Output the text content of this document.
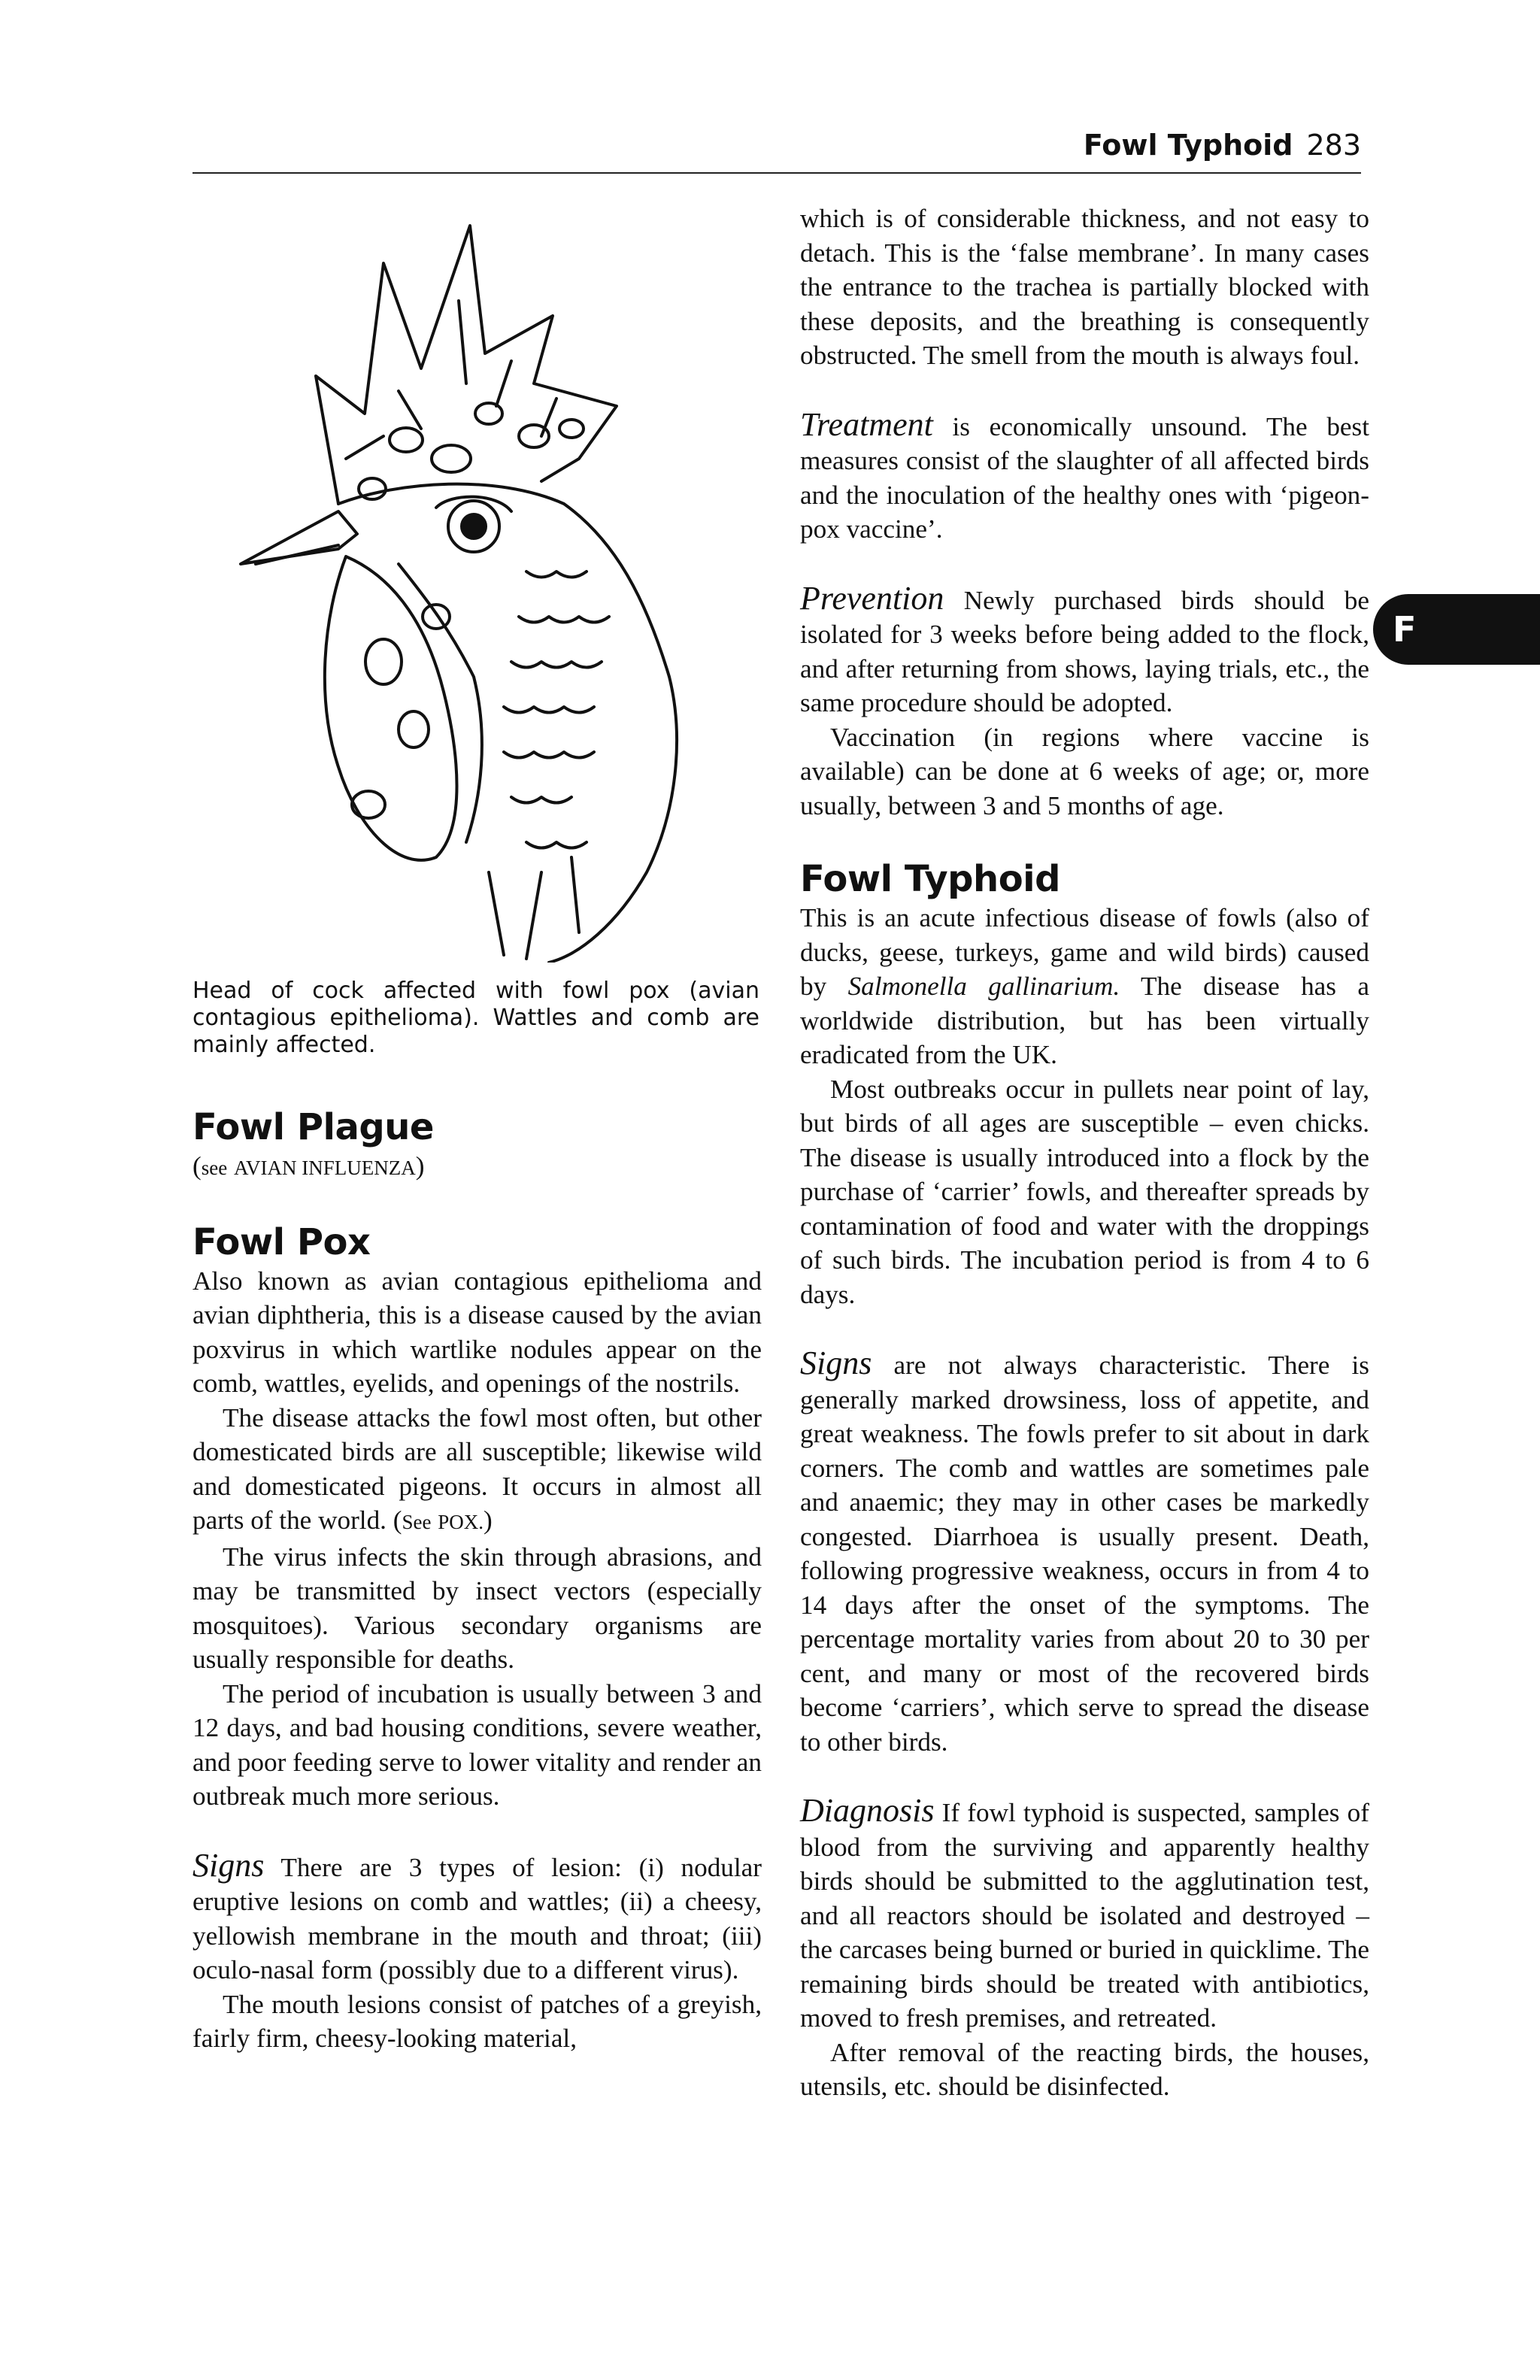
Fowl Typhoid 283
F

Head of cock affected with fowl pox (avian contagious epithelioma). Wattles and comb are mainly affected.

Fowl Plague

(see AVIAN INFLUENZA)

Fowl Pox

Also known as avian contagious epithelioma and avian diphtheria, this is a disease caused by the avian poxvirus in which wartlike nodules appear on the comb, wattles, eyelids, and openings of the nostrils.

The disease attacks the fowl most often, but other domesticated birds are all susceptible; likewise wild and domesticated pigeons. It occurs in almost all parts of the world. (See POX.)

The virus infects the skin through abrasions, and may be transmitted by insect vectors (especially mosquitoes). Various secondary organisms are usually responsible for deaths.

The period of incubation is usually between 3 and 12 days, and bad housing conditions, severe weather, and poor feeding serve to lower vitality and render an outbreak much more serious.

Signs There are 3 types of lesion: (i) nodular eruptive lesions on comb and wattles; (ii) a cheesy, yellowish membrane in the mouth and throat; (iii) oculo-nasal form (possibly due to a different virus).

The mouth lesions consist of patches of a greyish, fairly firm, cheesy-looking material,

which is of considerable thickness, and not easy to detach. This is the ‘false membrane’. In many cases the entrance to the trachea is partially blocked with these deposits, and the breathing is consequently obstructed. The smell from the mouth is always foul.

Treatment is economically unsound. The best measures consist of the slaughter of all affected birds and the inoculation of the healthy ones with ‘pigeon-pox vaccine’.

Prevention Newly purchased birds should be isolated for 3 weeks before being added to the flock, and after returning from shows, laying trials, etc., the same procedure should be adopted.

Vaccination (in regions where vaccine is available) can be done at 6 weeks of age; or, more usually, between 3 and 5 months of age.

Fowl Typhoid

This is an acute infectious disease of fowls (also of ducks, geese, turkeys, game and wild birds) caused by Salmonella gallinarium. The disease has a worldwide distribution, but has been virtually eradicated from the UK.

Most outbreaks occur in pullets near point of lay, but birds of all ages are susceptible – even chicks. The disease is usually introduced into a flock by the purchase of ‘carrier’ fowls, and thereafter spreads by contamination of food and water with the droppings of such birds. The incubation period is from 4 to 6 days.

Signs are not always characteristic. There is generally marked drowsiness, loss of appetite, and great weakness. The fowls prefer to sit about in dark corners. The comb and wattles are sometimes pale and anaemic; they may in other cases be markedly congested. Diarrhoea is usually present. Death, following progressive weakness, occurs in from 4 to 14 days after the onset of the symptoms. The percentage mortality varies from about 20 to 30 per cent, and many or most of the recovered birds become ‘carriers’, which serve to spread the disease to other birds.

Diagnosis If fowl typhoid is suspected, samples of blood from the surviving and apparently healthy birds should be submitted to the agglutination test, and all reactors should be isolated and destroyed – the carcases being burned or buried in quicklime. The remaining birds should be treated with antibiotics, moved to fresh premises, and retreated.

After removal of the reacting birds, the houses, utensils, etc. should be disinfected.
